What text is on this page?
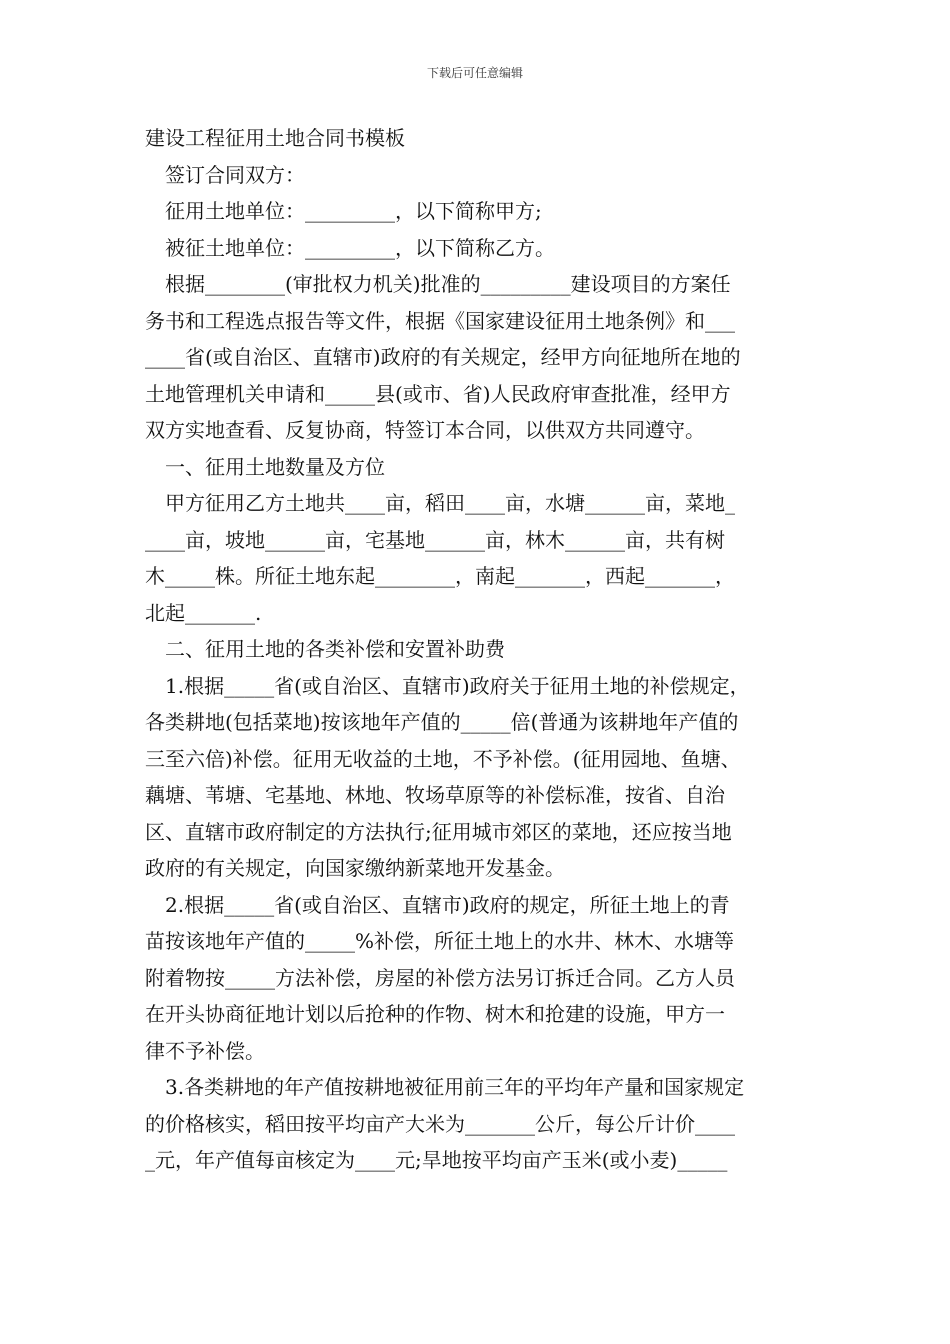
下载后可任意编辑

建设工程征用土地合同书模板

　签订合同双方：

　征用土地单位：_________，以下简称甲方;

　被征土地单位：_________，以下简称乙方。

　根据________(审批权力机关)批准的_________建设项目的方案任

务书和工程选点报告等文件，根据《国家建设征用土地条例》和___

____省(或自治区、直辖市)政府的有关规定，经甲方向征地所在地的

土地管理机关申请和_____县(或市、省)人民政府审查批准，经甲方

双方实地查看、反复协商，特签订本合同，以供双方共同遵守。

　一、征用土地数量及方位

　甲方征用乙方土地共____亩，稻田____亩，水塘______亩，菜地_

____亩，坡地______亩，宅基地______亩，林木______亩，共有树

木_____株。所征土地东起________，南起_______，西起_______，

北起_______.

　二、征用土地的各类补偿和安置补助费

　1.根据_____省(或自治区、直辖市)政府关于征用土地的补偿规定，

各类耕地(包括菜地)按该地年产值的_____倍(普通为该耕地年产值的

三至六倍)补偿。征用无收益的土地，不予补偿。(征用园地、鱼塘、

藕塘、苇塘、宅基地、林地、牧场草原等的补偿标准，按省、自治

区、直辖市政府制定的方法执行;征用城市郊区的菜地，还应按当地

政府的有关规定，向国家缴纳新菜地开发基金。

　2.根据_____省(或自治区、直辖市)政府的规定，所征土地上的青

苗按该地年产值的_____%补偿，所征土地上的水井、林木、水塘等

附着物按_____方法补偿，房屋的补偿方法另订拆迁合同。乙方人员

在开头协商征地计划以后抢种的作物、树木和抢建的设施，甲方一

律不予补偿。

　3.各类耕地的年产值按耕地被征用前三年的平均年产量和国家规定

的价格核实，稻田按平均亩产大米为_______公斤，每公斤计价____

_元，年产值每亩核定为____元;旱地按平均亩产玉米(或小麦)_____
